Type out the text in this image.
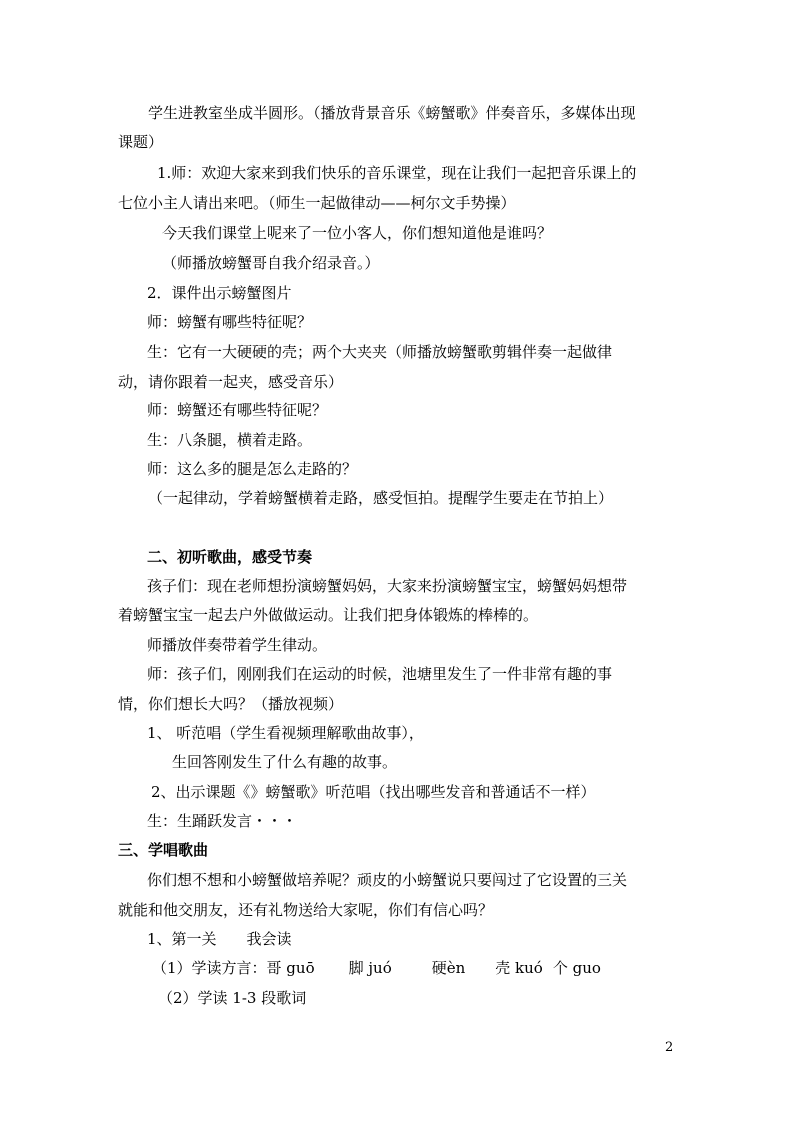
学生进教室坐成半圆形。（播放背景音乐《螃蟹歌》伴奏音乐，多媒体出现
课题）
1.师：欢迎大家来到我们快乐的音乐课堂，现在让我们一起把音乐课上的
七位小主人请出来吧。（师生一起做律动——柯尔文手势操）
今天我们课堂上呢来了一位小客人，你们想知道他是谁吗？
（师播放螃蟹哥自我介绍录音。）
2．课件出示螃蟹图片
师：螃蟹有哪些特征呢？
生：它有一大硬硬的壳；两个大夹夹（师播放螃蟹歌剪辑伴奏一起做律
动，请你跟着一起夹，感受音乐）
师：螃蟹还有哪些特征呢？
生：八条腿，横着走路。
师：这么多的腿是怎么走路的？
（一起律动，学着螃蟹横着走路，感受恒拍。提醒学生要走在节拍上）
二、初听歌曲，感受节奏
孩子们：现在老师想扮演螃蟹妈妈，大家来扮演螃蟹宝宝，螃蟹妈妈想带
着螃蟹宝宝一起去户外做做运动。让我们把身体锻炼的棒棒的。
师播放伴奏带着学生律动。
师：孩子们，刚刚我们在运动的时候，池塘里发生了一件非常有趣的事
情，你们想长大吗？（播放视频）
1、 听范唱（学生看视频理解歌曲故事），
生回答刚发生了什么有趣的故事。
2、出示课题《》螃蟹歌》听范唱（找出哪些发音和普通话不一样）
生：生踊跃发言・・・
三、学唱歌曲
你们想不想和小螃蟹做培养呢？顽皮的小螃蟹说只要闯过了它设置的三关
就能和他交朋友，还有礼物送给大家呢，你们有信心吗？
1、第一关 我会读
（1）学读方言：哥 guō 脚 juó	硬èn 壳 kuó 个 guo
（2）学读 1-3 段歌词
2
